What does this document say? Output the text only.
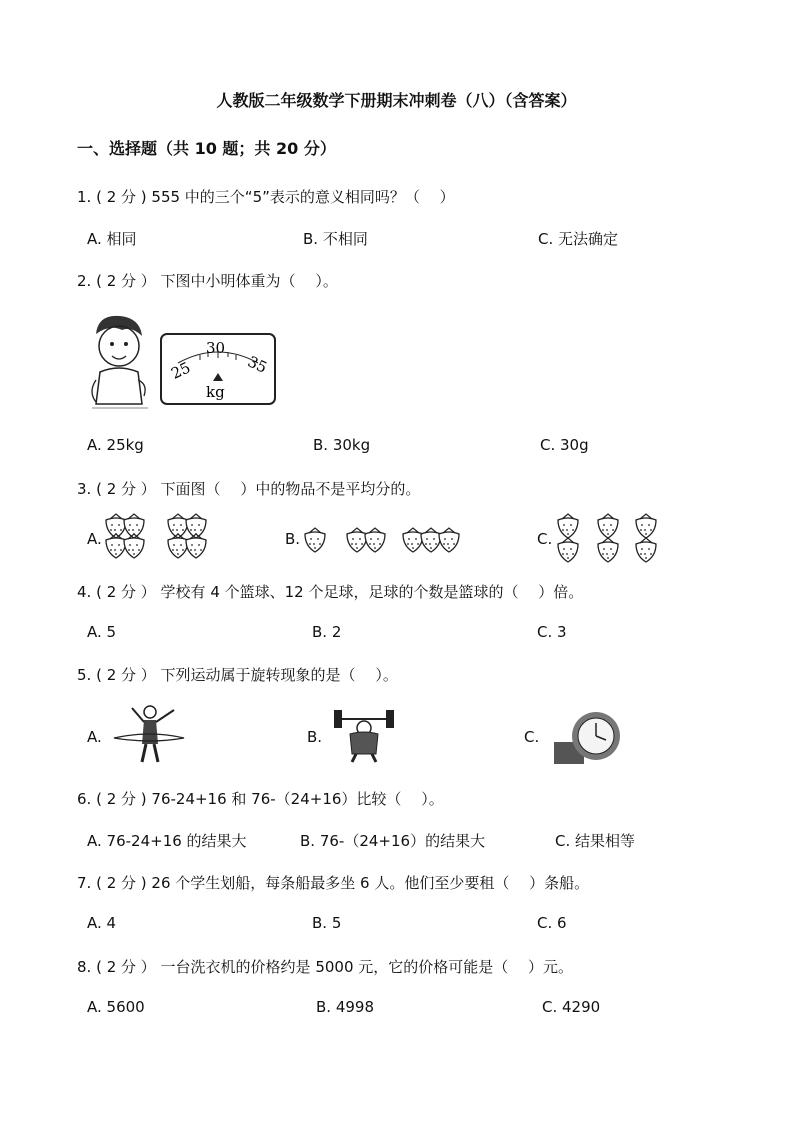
人教版二年级数学下册期末冲刺卷（八）（含答案）
一、选择题（共 10 题；共 20 分）
1. ( 2 分 ) 555 中的三个“5”表示的意义相同吗？（　 ）
A. 相同	B. 不相同	C. 无法确定
2. ( 2 分 ） 下图中小明体重为（　 ）。
25
30
35
kg
A. 25kg	B. 30kg	C. 30g
3. ( 2 分 ） 下面图（　 ）中的物品不是平均分的。
A.	B.	C.
4. ( 2 分 ） 学校有 4 个篮球、12 个足球，足球的个数是篮球的（　 ）倍。
A. 5	B. 2	C. 3
5. ( 2 分 ） 下列运动属于旋转现象的是（　 ）。
A.	B.	C.
6. ( 2 分 ) 76-24+16 和 76-（24+16）比较（　 ）。
A. 76-24+16 的结果大	B. 76-（24+16）的结果大	C. 结果相等
7. ( 2 分 ) 26 个学生划船，每条船最多坐 6 人。他们至少要租（　 ）条船。
A. 4	B. 5	C. 6
8. ( 2 分 ） 一台洗衣机的价格约是 5000 元，它的价格可能是（　 ）元。
A. 5600	B. 4998	C. 4290
